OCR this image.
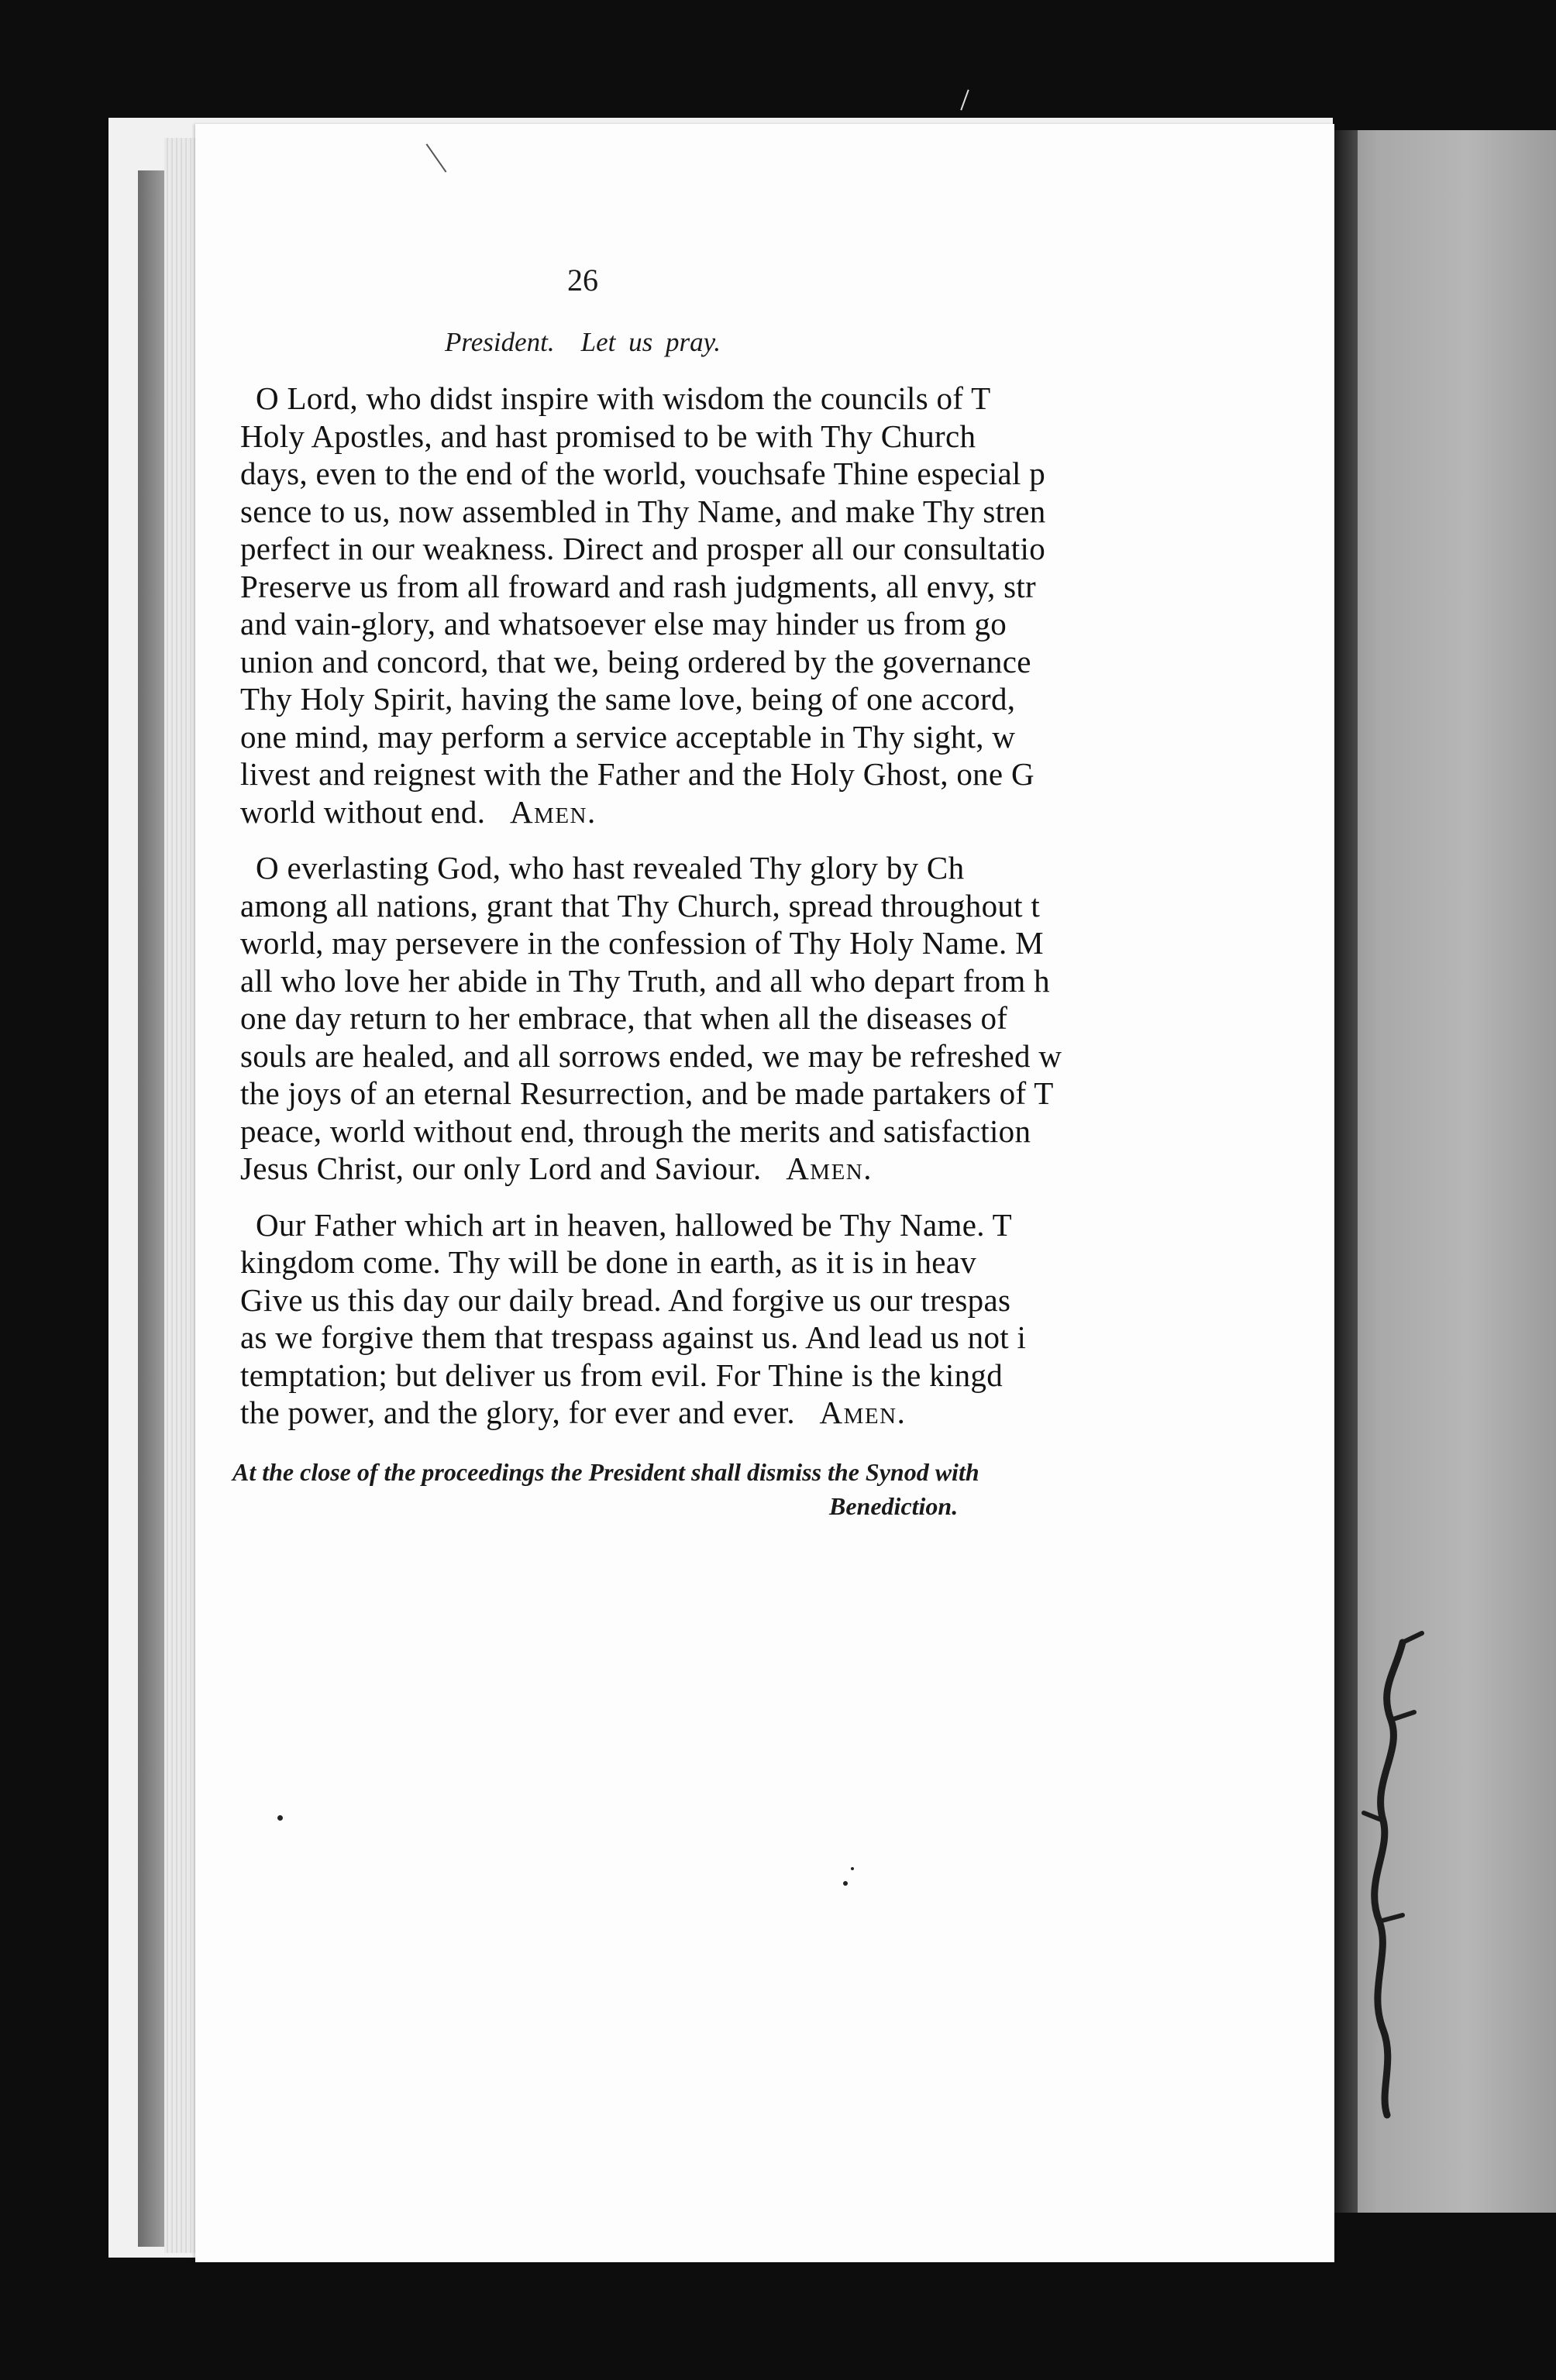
26
President. Let us pray.
O Lord, who didst inspire with wisdom the councils of T
Holy Apostles, and hast promised to be with Thy Church
days, even to the end of the world, vouchsafe Thine especial p
sence to us, now assembled in Thy Name, and make Thy stren
perfect in our weakness. Direct and prosper all our consultatio
Preserve us from all froward and rash judgments, all envy, str
and vain-glory, and whatsoever else may hinder us from go
union and concord, that we, being ordered by the governance
Thy Holy Spirit, having the same love, being of one accord,
one mind, may perform a service acceptable in Thy sight, w
livest and reignest with the Father and the Holy Ghost, one G
world without end. Amen.
O everlasting God, who hast revealed Thy glory by Ch
among all nations, grant that Thy Church, spread throughout t
world, may persevere in the confession of Thy Holy Name. M
all who love her abide in Thy Truth, and all who depart from h
one day return to her embrace, that when all the diseases of
souls are healed, and all sorrows ended, we may be refreshed w
the joys of an eternal Resurrection, and be made partakers of T
peace, world without end, through the merits and satisfaction
Jesus Christ, our only Lord and Saviour. Amen.
Our Father which art in heaven, hallowed be Thy Name. T
kingdom come. Thy will be done in earth, as it is in heav
Give us this day our daily bread. And forgive us our trespas
as we forgive them that trespass against us. And lead us not i
temptation; but deliver us from evil. For Thine is the kingd
the power, and the glory, for ever and ever. Amen.
At the close of the proceedings the President shall dismiss the Synod with
Benediction.
